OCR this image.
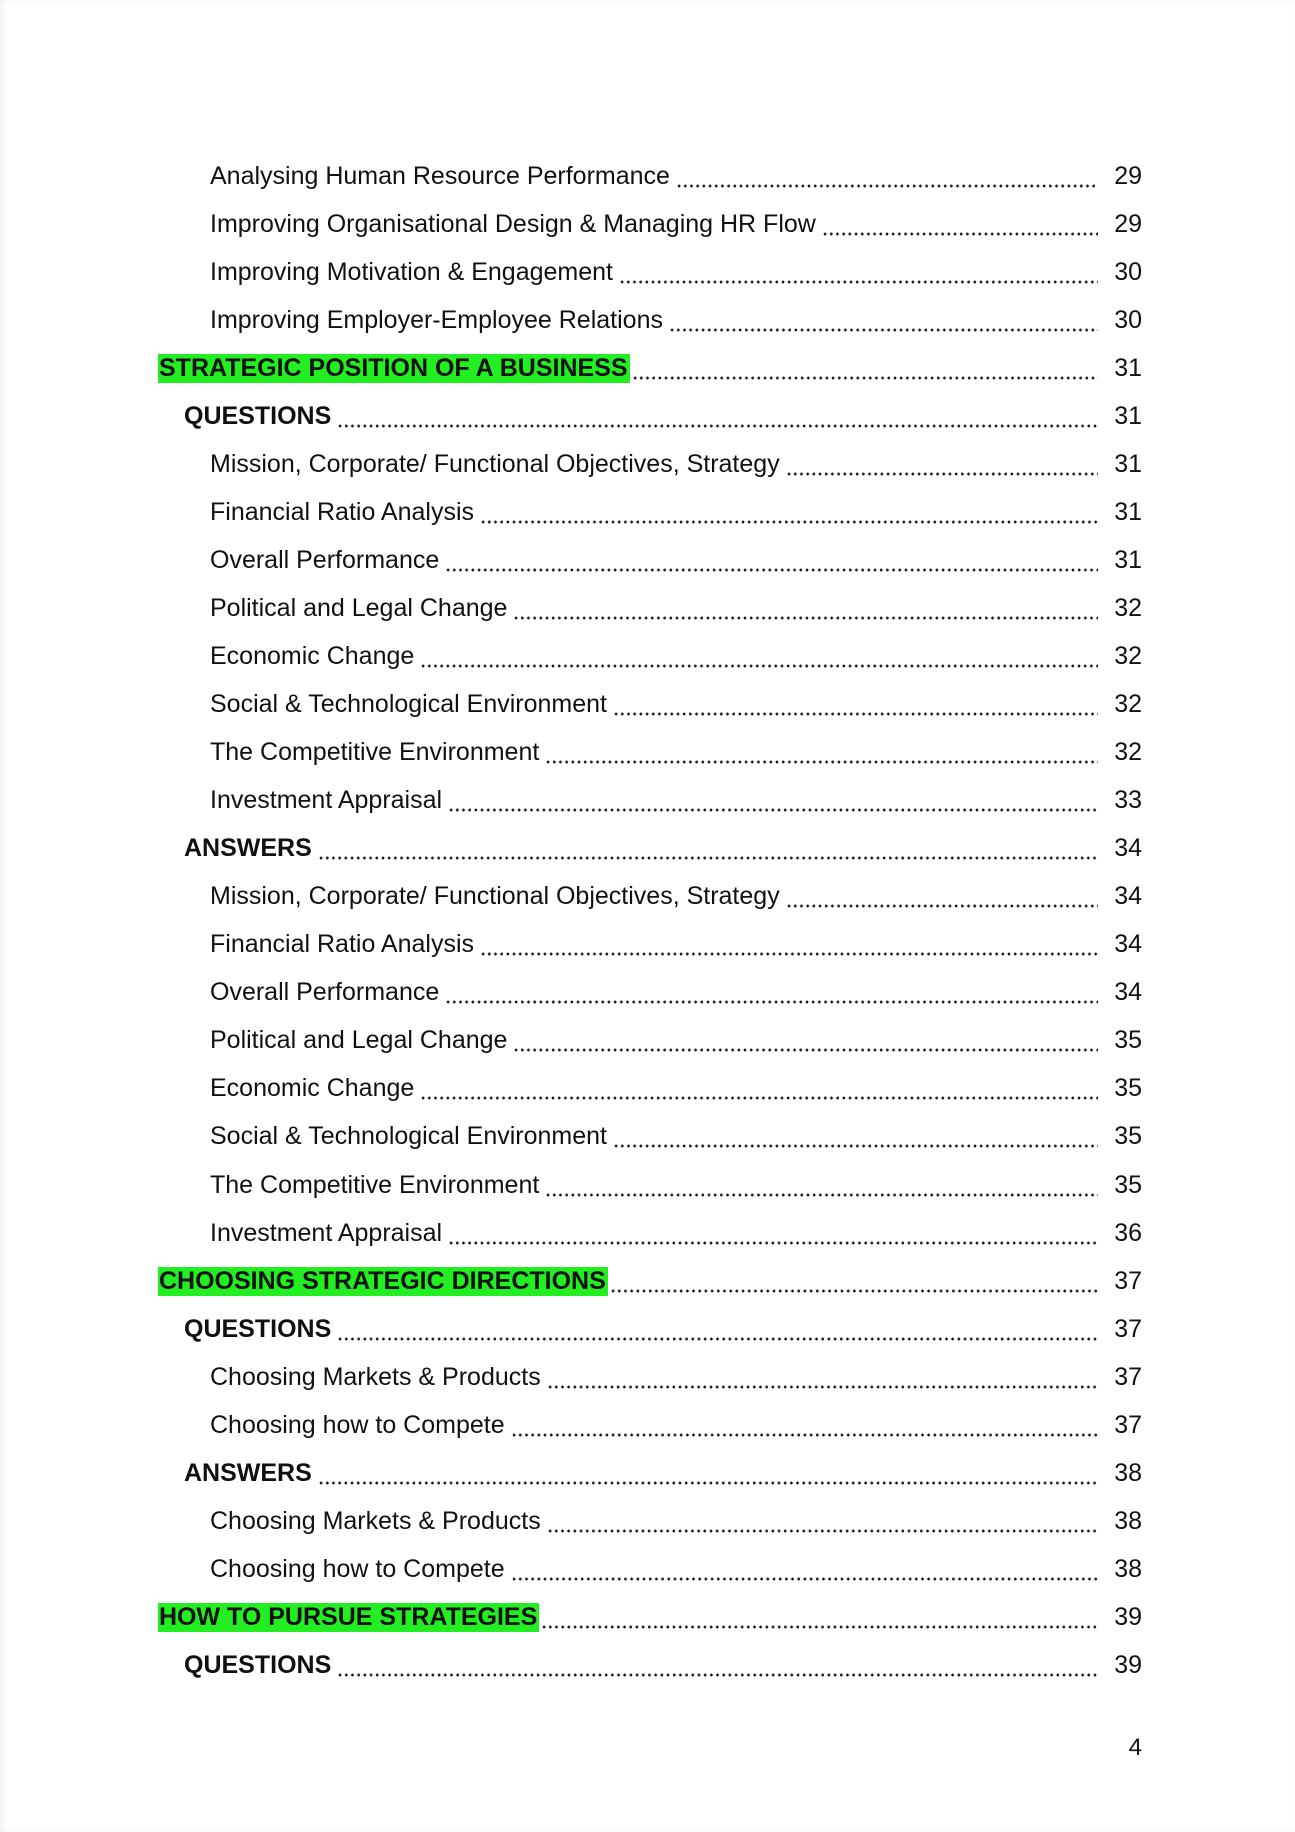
Analysing Human Resource Performance	29
Improving Organisational Design & Managing HR Flow	29
Improving Motivation & Engagement	30
Improving Employer-Employee Relations	30
STRATEGIC POSITION OF A BUSINESS	31
QUESTIONS	31
Mission, Corporate/ Functional Objectives, Strategy	31
Financial Ratio Analysis	31
Overall Performance	31
Political and Legal Change	32
Economic Change	32
Social & Technological Environment	32
The Competitive Environment	32
Investment Appraisal	33
ANSWERS	34
Mission, Corporate/ Functional Objectives, Strategy	34
Financial Ratio Analysis	34
Overall Performance	34
Political and Legal Change	35
Economic Change	35
Social & Technological Environment	35
The Competitive Environment	35
Investment Appraisal	36
CHOOSING STRATEGIC DIRECTIONS	37
QUESTIONS	37
Choosing Markets & Products	37
Choosing how to Compete	37
ANSWERS	38
Choosing Markets & Products	38
Choosing how to Compete	38
HOW TO PURSUE STRATEGIES	39
QUESTIONS	39
4
